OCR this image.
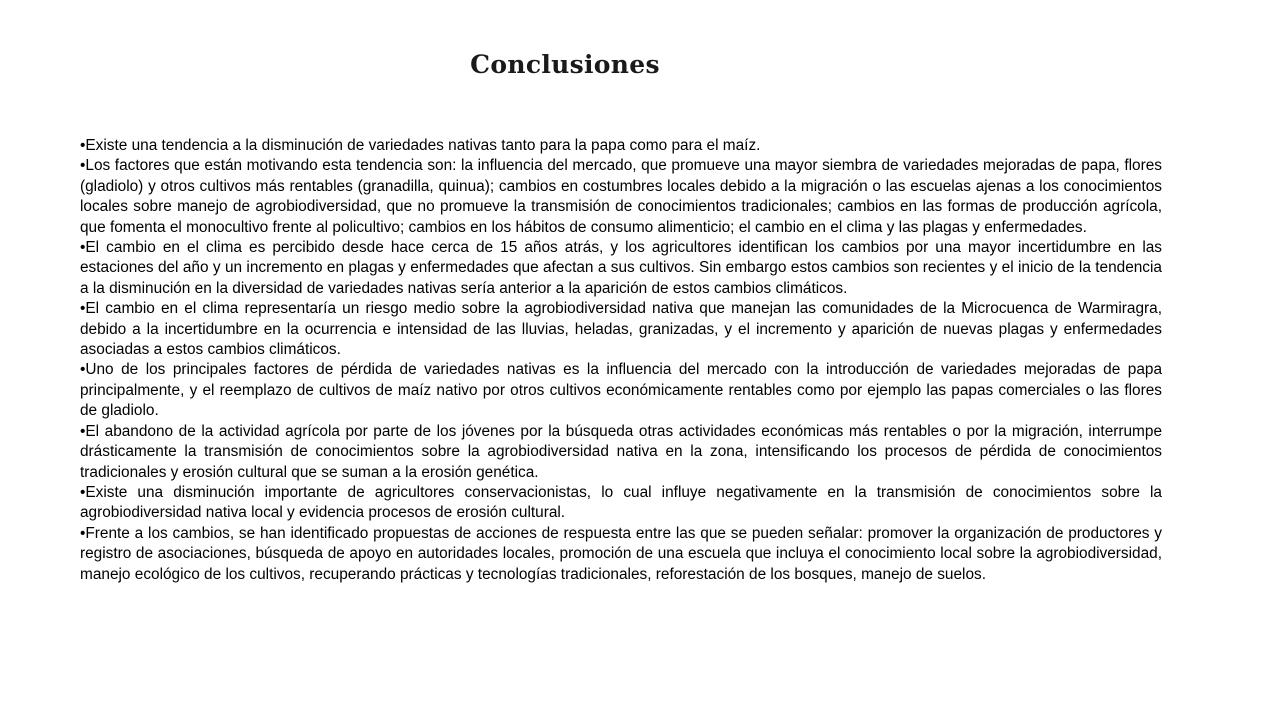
Conclusiones
•Existe una tendencia a la disminución de variedades nativas tanto para la papa como para el maíz.
•Los factores que están motivando esta tendencia son: la influencia del mercado, que promueve una mayor siembra de variedades mejoradas de papa, flores (gladiolo) y otros cultivos más rentables (granadilla, quinua); cambios en costumbres locales debido a la migración o las escuelas ajenas a los conocimientos locales sobre manejo de agrobiodiversidad, que no promueve la transmisión de conocimientos tradicionales; cambios en las formas de producción agrícola, que fomenta el monocultivo frente al policultivo; cambios en los hábitos de consumo alimenticio; el cambio en el clima y las plagas y enfermedades.
•El cambio en el clima es percibido desde hace cerca de 15 años atrás, y los agricultores identifican los cambios por una mayor incertidumbre en las estaciones del año y un incremento en plagas y enfermedades que afectan a sus cultivos. Sin embargo estos cambios son recientes y el inicio de la tendencia a la disminución en la diversidad de variedades nativas sería anterior a la aparición de estos cambios climáticos.
•El cambio en el clima representaría un riesgo medio sobre la agrobiodiversidad nativa que manejan las comunidades de la Microcuenca de Warmiragra, debido a la incertidumbre en la ocurrencia e intensidad de las lluvias, heladas, granizadas, y el incremento y aparición de nuevas plagas y enfermedades asociadas a estos cambios climáticos.
•Uno de los principales factores de pérdida de variedades nativas es la influencia del mercado con la introducción de variedades mejoradas de papa principalmente, y el reemplazo de cultivos de maíz nativo por otros cultivos económicamente rentables como por ejemplo las papas comerciales o las flores de gladiolo.
•El abandono de la actividad agrícola por parte de los jóvenes por la búsqueda otras actividades económicas más rentables o por la migración, interrumpe drásticamente la transmisión de conocimientos sobre la agrobiodiversidad nativa en la zona, intensificando los procesos de pérdida de conocimientos tradicionales y erosión cultural que se suman a la erosión genética.
•Existe una disminución importante de agricultores conservacionistas, lo cual influye negativamente en la transmisión de conocimientos sobre la agrobiodiversidad nativa local y evidencia procesos de erosión cultural.
•Frente a los cambios, se han identificado propuestas de acciones de respuesta entre las que se pueden señalar: promover la organización de productores y registro de asociaciones, búsqueda de apoyo en autoridades locales, promoción de una escuela que incluya el conocimiento local sobre la agrobiodiversidad, manejo ecológico de los cultivos, recuperando prácticas y tecnologías tradicionales, reforestación de los bosques, manejo de suelos.
